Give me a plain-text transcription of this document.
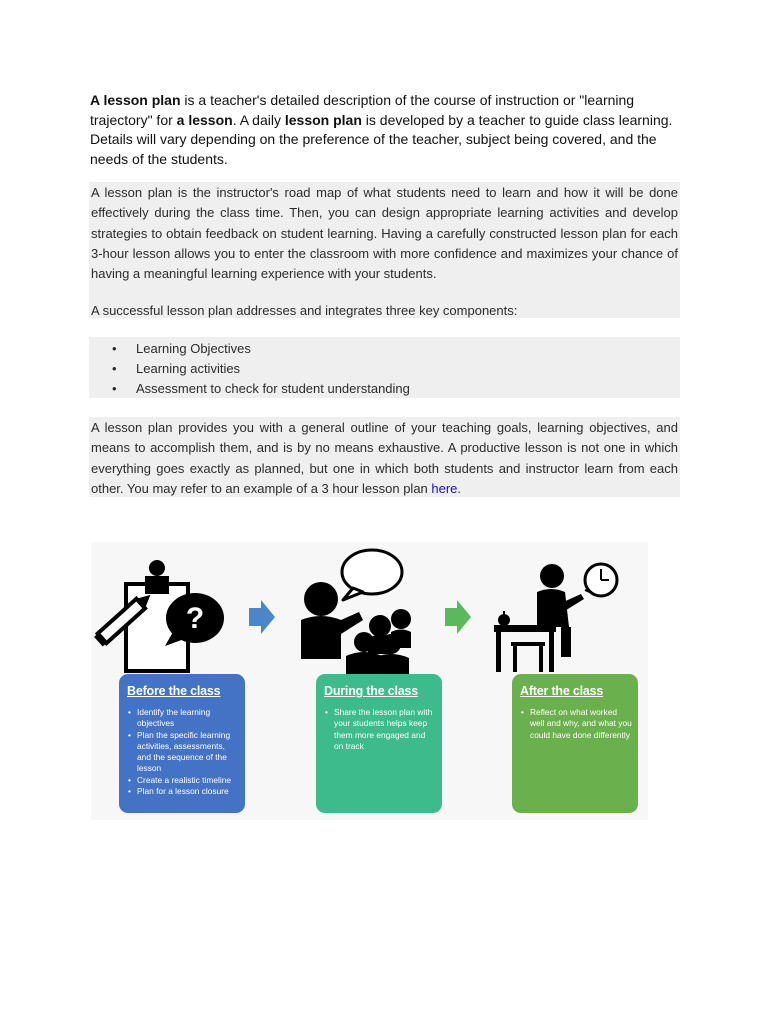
A lesson plan is a teacher's detailed description of the course of instruction or "learning trajectory" for a lesson. A daily lesson plan is developed by a teacher to guide class learning. Details will vary depending on the preference of the teacher, subject being covered, and the needs of the students.
A lesson plan is the instructor's road map of what students need to learn and how it will be done effectively during the class time. Then, you can design appropriate learning activities and develop strategies to obtain feedback on student learning. Having a carefully constructed lesson plan for each 3-hour lesson allows you to enter the classroom with more confidence and maximizes your chance of having a meaningful learning experience with your students.
A successful lesson plan addresses and integrates three key components:
• Learning Objectives
• Learning activities
• Assessment to check for student understanding
A lesson plan provides you with a general outline of your teaching goals, learning objectives, and means to accomplish them, and is by no means exhaustive. A productive lesson is not one in which everything goes exactly as planned, but one in which both students and instructor learn from each other. You may refer to an example of a 3 hour lesson plan here.
?
Before the class
• Identify the learning objectives
• Plan the specific learning activities, assessments, and the sequence of the lesson
• Create a realistic timeline
• Plan for a lesson closure
During the class
• Share the lesson plan with your students helps keep them more engaged and on track
After the class
• Reflect on what worked well and why, and what you could have done differently
